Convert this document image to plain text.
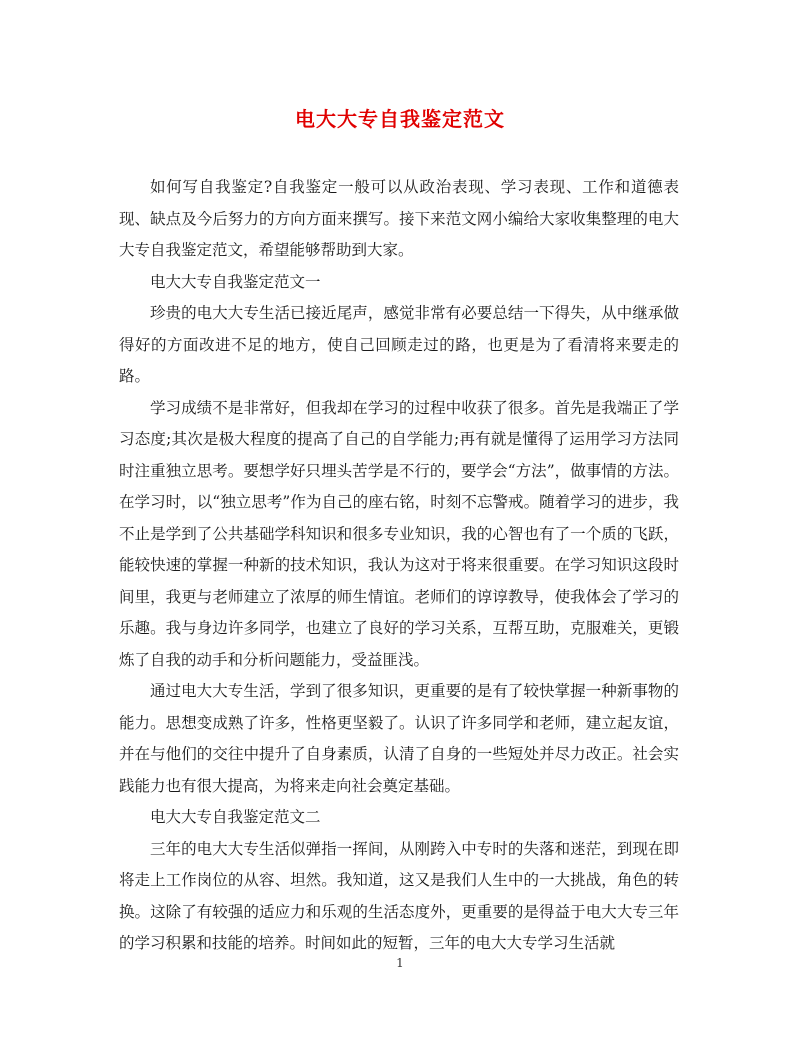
电大大专自我鉴定范文

如何写自我鉴定?自我鉴定一般可以从政治表现、学习表现、工作和道德表现、缺点及今后努力的方向方面来撰写。接下来范文网小编给大家收集整理的电大大专自我鉴定范文，希望能够帮助到大家。

电大大专自我鉴定范文一

珍贵的电大大专生活已接近尾声，感觉非常有必要总结一下得失，从中继承做得好的方面改进不足的地方，使自己回顾走过的路，也更是为了看清将来要走的路。

学习成绩不是非常好，但我却在学习的过程中收获了很多。首先是我端正了学习态度;其次是极大程度的提高了自己的自学能力;再有就是懂得了运用学习方法同时注重独立思考。要想学好只埋头苦学是不行的，要学会“方法”，做事情的方法。在学习时，以“独立思考”作为自己的座右铭，时刻不忘警戒。随着学习的进步，我不止是学到了公共基础学科知识和很多专业知识，我的心智也有了一个质的飞跃，能较快速的掌握一种新的技术知识，我认为这对于将来很重要。在学习知识这段时间里，我更与老师建立了浓厚的师生情谊。老师们的谆谆教导，使我体会了学习的乐趣。我与身边许多同学，也建立了良好的学习关系，互帮互助，克服难关，更锻炼了自我的动手和分析问题能力，受益匪浅。

通过电大大专生活，学到了很多知识，更重要的是有了较快掌握一种新事物的能力。思想变成熟了许多，性格更坚毅了。认识了许多同学和老师，建立起友谊，并在与他们的交往中提升了自身素质，认清了自身的一些短处并尽力改正。社会实践能力也有很大提高，为将来走向社会奠定基础。

电大大专自我鉴定范文二

三年的电大大专生活似弹指一挥间，从刚跨入中专时的失落和迷茫，到现在即将走上工作岗位的从容、坦然。我知道，这又是我们人生中的一大挑战，角色的转换。这除了有较强的适应力和乐观的生活态度外，更重要的是得益于电大大专三年的学习积累和技能的培养。时间如此的短暂，三年的电大大专学习生活就

1
